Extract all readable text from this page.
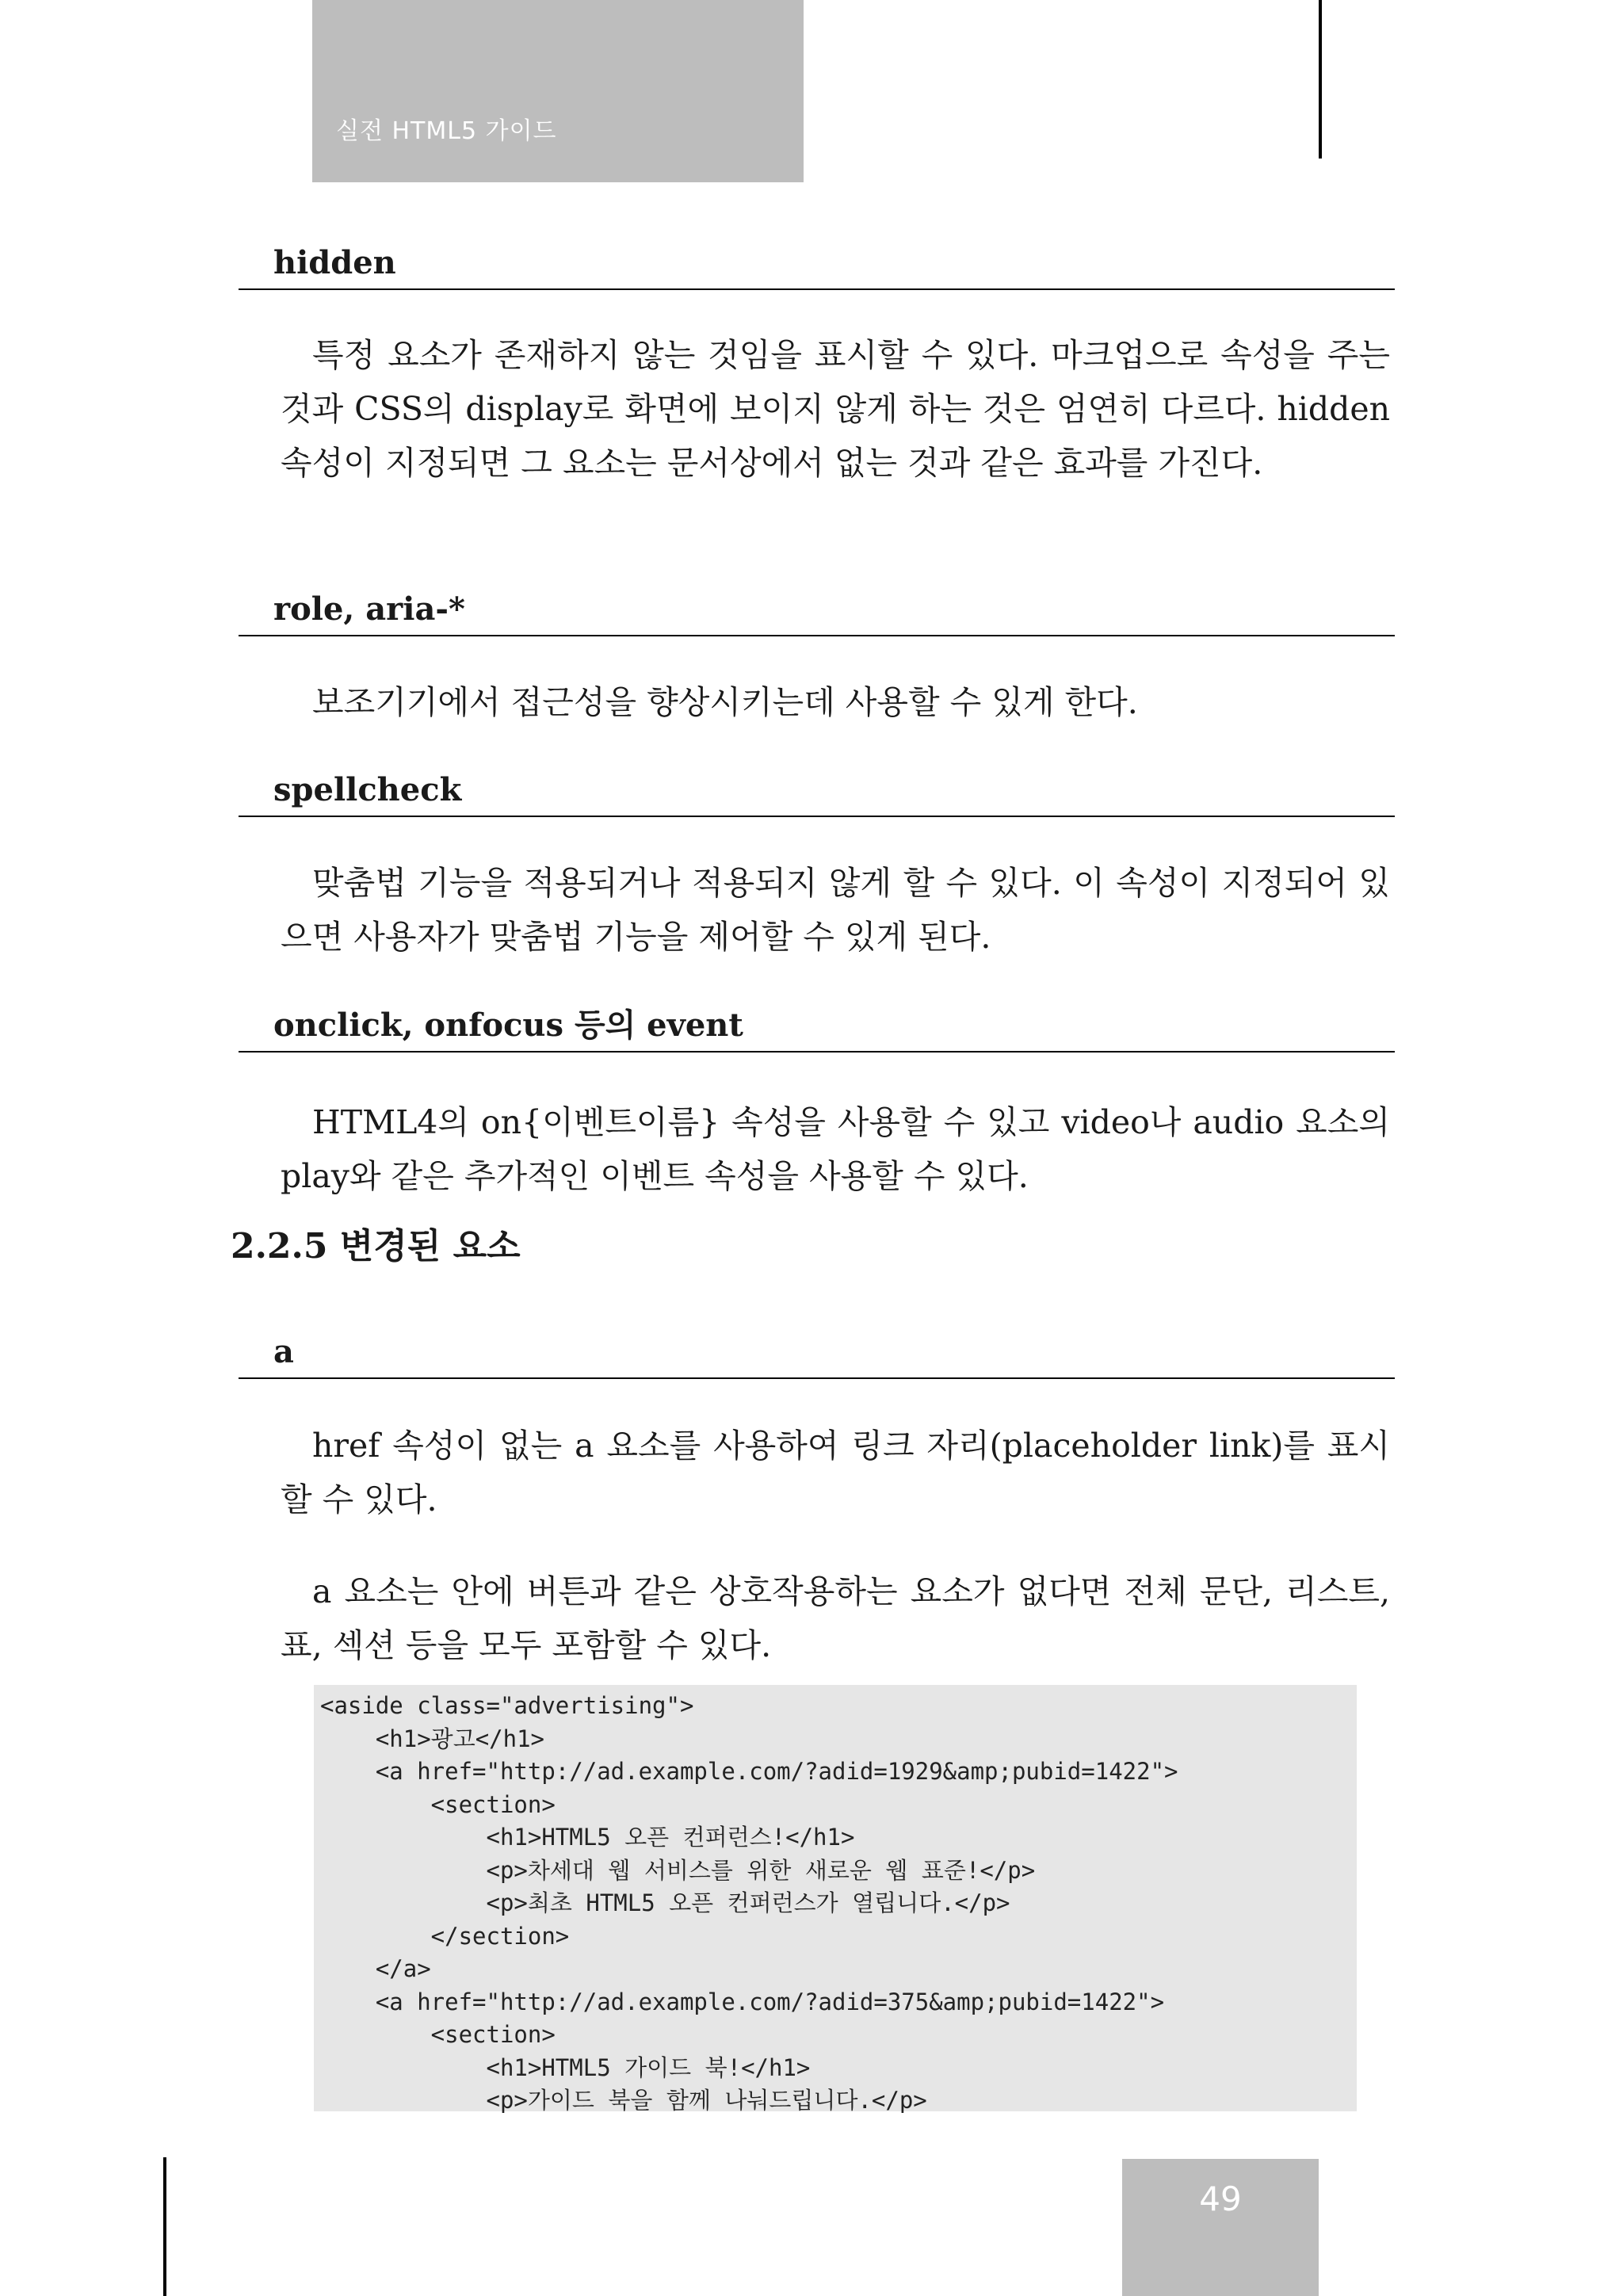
실전 HTML5 가이드
hidden
특정 요소가 존재하지 않는 것임을 표시할 수 있다. 마크업으로 속성을 주는 것과 CSS의 display로 화면에 보이지 않게 하는 것은 엄연히 다르다. hidden 속성이 지정되면 그 요소는 문서상에서 없는 것과 같은 효과를 가진다.
role, aria-*
보조기기에서 접근성을 향상시키는데 사용할 수 있게 한다.
spellcheck
맞춤법 기능을 적용되거나 적용되지 않게 할 수 있다. 이 속성이 지정되어 있으면 사용자가 맞춤법 기능을 제어할 수 있게 된다.
onclick, onfocus 등의 event
HTML4의 on{이벤트이름} 속성을 사용할 수 있고 video나 audio 요소의 play와 같은 추가적인 이벤트 속성을 사용할 수 있다.
2.2.5 변경된 요소
a
href 속성이 없는 a 요소를 사용하여 링크 자리(placeholder link)를 표시할 수 있다.
a 요소는 안에 버튼과 같은 상호작용하는 요소가 없다면 전체 문단, 리스트, 표, 섹션 등을 모두 포함할 수 있다.
<aside class="advertising">
<h1>광고</h1>
<a href="http://ad.example.com/?adid=1929&amp;pubid=1422">
<section>
<h1>HTML5 오픈 컨퍼런스!</h1>
<p>차세대 웹 서비스를 위한 새로운 웹 표준!</p>
<p>최초 HTML5 오픈 컨퍼런스가 열립니다.</p>
</section>
</a>
<a href="http://ad.example.com/?adid=375&amp;pubid=1422">
<section>
<h1>HTML5 가이드 북!</h1>
<p>가이드 북을 함께 나눠드립니다.</p>
49
